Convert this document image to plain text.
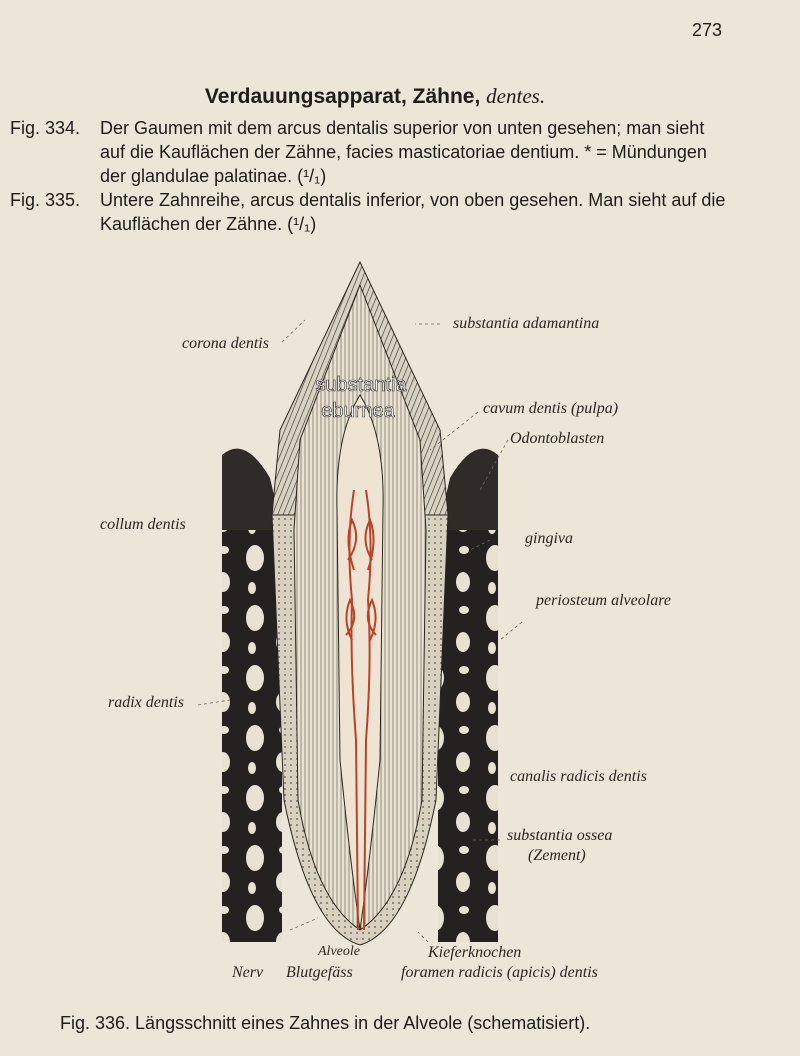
273
Verdauungsapparat, Zähne, dentes.
Fig. 334.	Der Gaumen mit dem arcus dentalis superior von unten gesehen; man sieht auf die Kauflächen der Zähne, facies masticatoriae dentium. * = Mündungen der glandulae palatinae. (¹/₁)
Fig. 335.	Untere Zahnreihe, arcus dentalis inferior, von oben gesehen. Man sieht auf die Kauflächen der Zähne. (¹/₁)
substantia
eburnea
substantia adamantina
corona dentis
cavum dentis (pulpa)
Odontoblasten
collum dentis
gingiva
periosteum alveolare
radix dentis
canalis radicis dentis
substantia ossea
(Zement)
Alveole	Kieferknochen
Nerv Blutgefäss	foramen radicis (apicis) dentis
Fig. 336. Längsschnitt eines Zahnes in der Alveole (schematisiert).
